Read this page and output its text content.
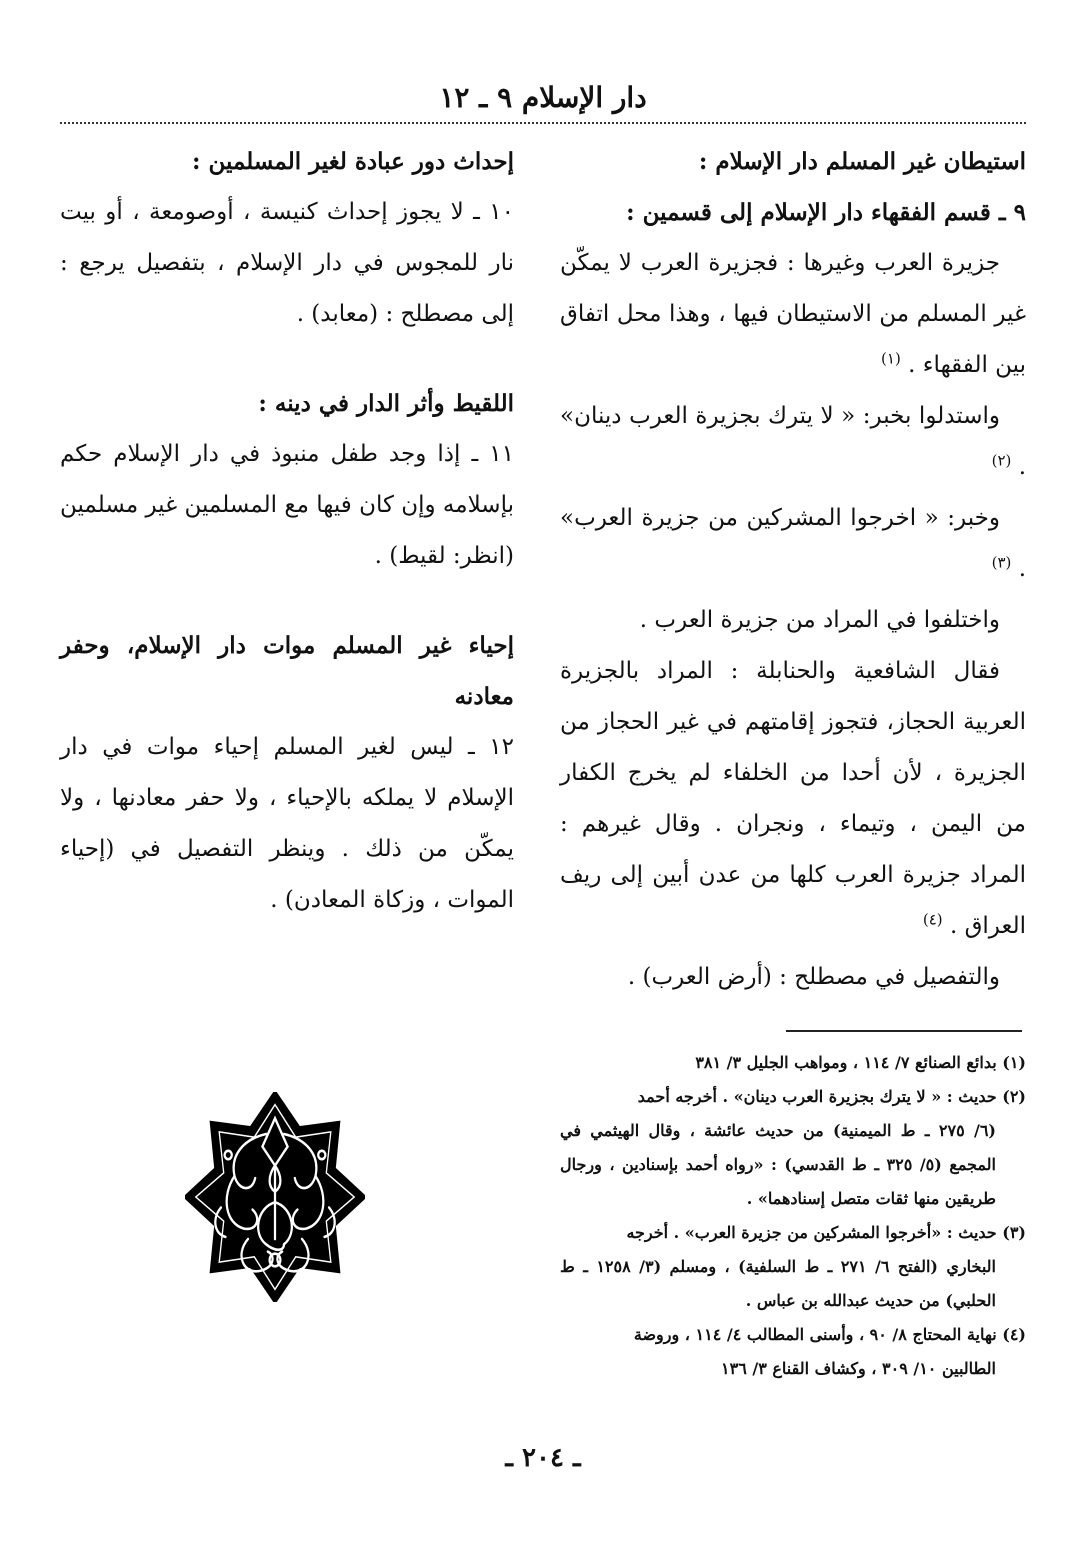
دار الإسلام ٩ ـ ١٢

استيطان غير المسلم دار الإسلام :

٩ ـ قسم الفقهاء دار الإسلام إلى قسمين :

جزيرة العرب وغيرها : فجزيرة العرب لا يمكّن غير المسلم من الاستيطان فيها ، وهذا محل اتفاق بين الفقهاء . $^{(١)}$

واستدلوا بخبر: « لا يترك بجزيرة العرب دينان» . $^{(٢)}$

وخبر: « اخرجوا المشركين من جزيرة العرب» . $^{(٣)}$

واختلفوا في المراد من جزيرة العرب .

فقال الشافعية والحنابلة : المراد بالجزيرة العربية الحجاز، فتجوز إقامتهم في غير الحجاز من الجزيرة ، لأن أحدا من الخلفاء لم يخرج الكفار من اليمن ، وتيماء ، ونجران . وقال غيرهم : المراد جزيرة العرب كلها من عدن أبين إلى ريف العراق . $^{(٤)}$

والتفصيل في مصطلح : (أرض العرب) .

إحداث دور عبادة لغير المسلمين :

١٠ ـ لا يجوز إحداث كنيسة ، أوصومعة ، أو بيت نار للمجوس في دار الإسلام ، بتفصيل يرجع : إلى مصطلح : (معابد) .

اللقيط وأثر الدار في دينه :

١١ ـ إذا وجد طفل منبوذ في دار الإسلام حكم بإسلامه وإن كان فيها مع المسلمين غير مسلمين (انظر: لقيط) .

إحياء غير المسلم موات دار الإسلام، وحفر معادنه

١٢ ـ ليس لغير المسلم إحياء موات في دار الإسلام لا يملكه بالإحياء ، ولا حفر معادنها ، ولا يمكّن من ذلك . وينظر التفصيل في (إحياء الموات ، وزكاة المعادن) .

(١) بدائع الصنائع ٧/ ١١٤ ، ومواهب الجليل ٣/ ٣٨١

(٢) حديث : « لا يترك بجزيرة العرب دينان» . أخرجه أحمد

(٦/ ٢٧٥ ـ ط الميمنية) من حديث عائشة ، وقال الهيثمي في المجمع (٥/ ٣٢٥ ـ ط القدسي) : «رواه أحمد بإسنادين ، ورجال طريقين منها ثقات متصل إسنادهما» .

(٣) حديث : «أخرجوا المشركين من جزيرة العرب» . أخرجه

البخاري (الفتح ٦/ ٢٧١ ـ ط السلفية) ، ومسلم (٣/ ١٢٥٨ ـ ط الحلبي) من حديث عبدالله بن عباس .

(٤) نهاية المحتاج ٨/ ٩٠ ، وأسنى المطالب ٤/ ١١٤ ، وروضة

الطالبين ١٠/ ٣٠٩ ، وكشاف القناع ٣/ ١٣٦

ـ ٢٠٤ ـ
